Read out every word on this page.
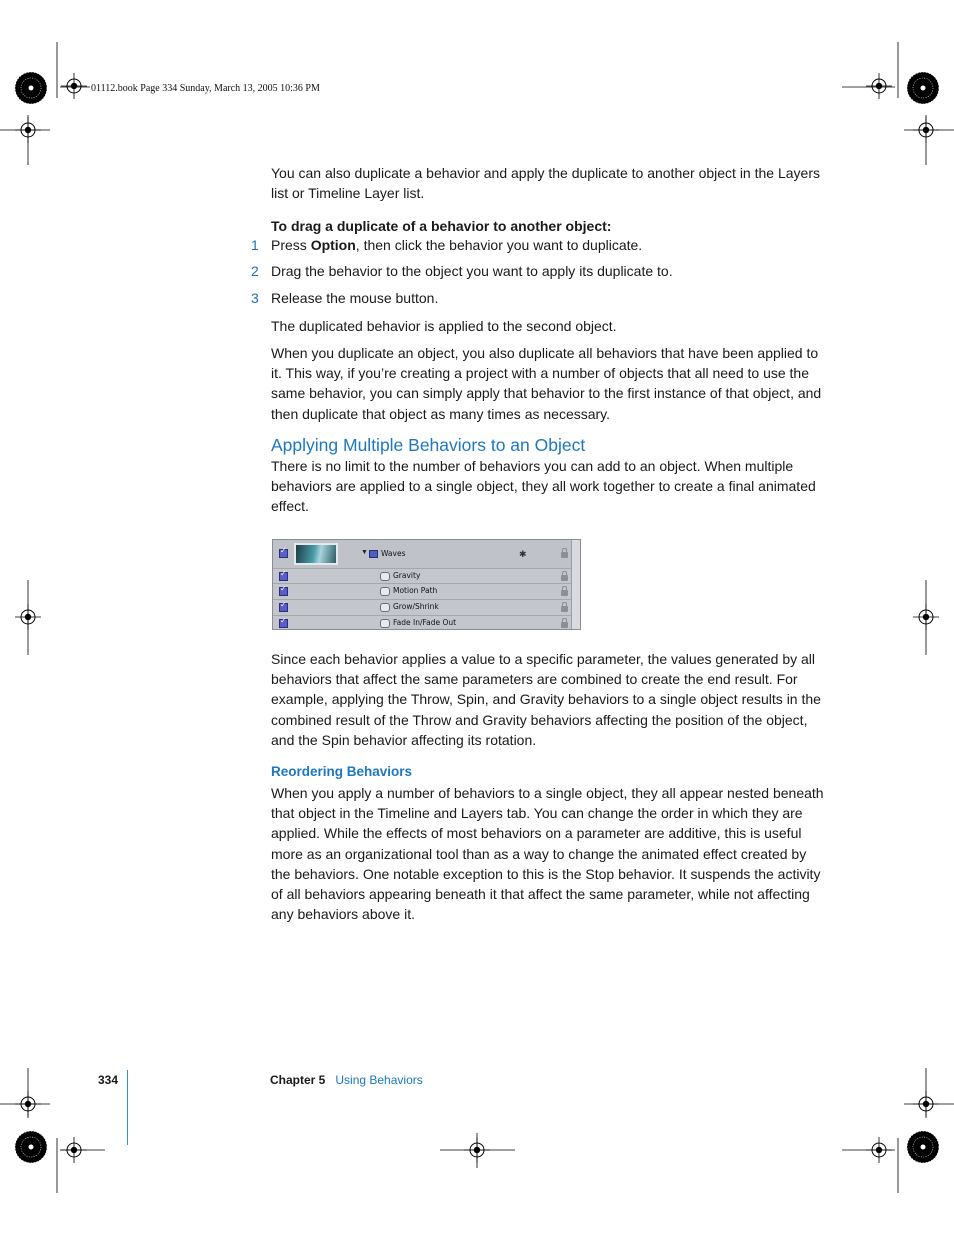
01112.book Page 334 Sunday, March 13, 2005 10:36 PM

You can also duplicate a behavior and apply the duplicate to another object in the Layers list or Timeline Layer list.

To drag a duplicate of a behavior to another object:

1 Press Option, then click the behavior you want to duplicate.
2 Drag the behavior to the object you want to apply its duplicate to.
3 Release the mouse button.

The duplicated behavior is applied to the second object.

When you duplicate an object, you also duplicate all behaviors that have been applied to it. This way, if you’re creating a project with a number of objects that all need to use the same behavior, you can simply apply that behavior to the first instance of that object, and then duplicate that object as many times as necessary.

Applying Multiple Behaviors to an Object

There is no limit to the number of behaviors you can add to an object. When multiple behaviors are applied to a single object, they all work together to create a final animated effect.

✓
▼ Waves	✱
✓
Gravity
✓
Motion Path
✓
Grow/Shrink
✓
Fade In/Fade Out

Since each behavior applies a value to a specific parameter, the values generated by all behaviors that affect the same parameters are combined to create the end result. For example, applying the Throw, Spin, and Gravity behaviors to a single object results in the combined result of the Throw and Gravity behaviors affecting the position of the object, and the Spin behavior affecting its rotation.

Reordering Behaviors

When you apply a number of behaviors to a single object, they all appear nested beneath that object in the Timeline and Layers tab. You can change the order in which they are applied. While the effects of most behaviors on a parameter are additive, this is useful more as an organizational tool than as a way to change the animated effect created by the behaviors. One notable exception to this is the Stop behavior. It suspends the activity of all behaviors appearing beneath it that affect the same parameter, while not affecting any behaviors above it.

334	Chapter 5 Using Behaviors
